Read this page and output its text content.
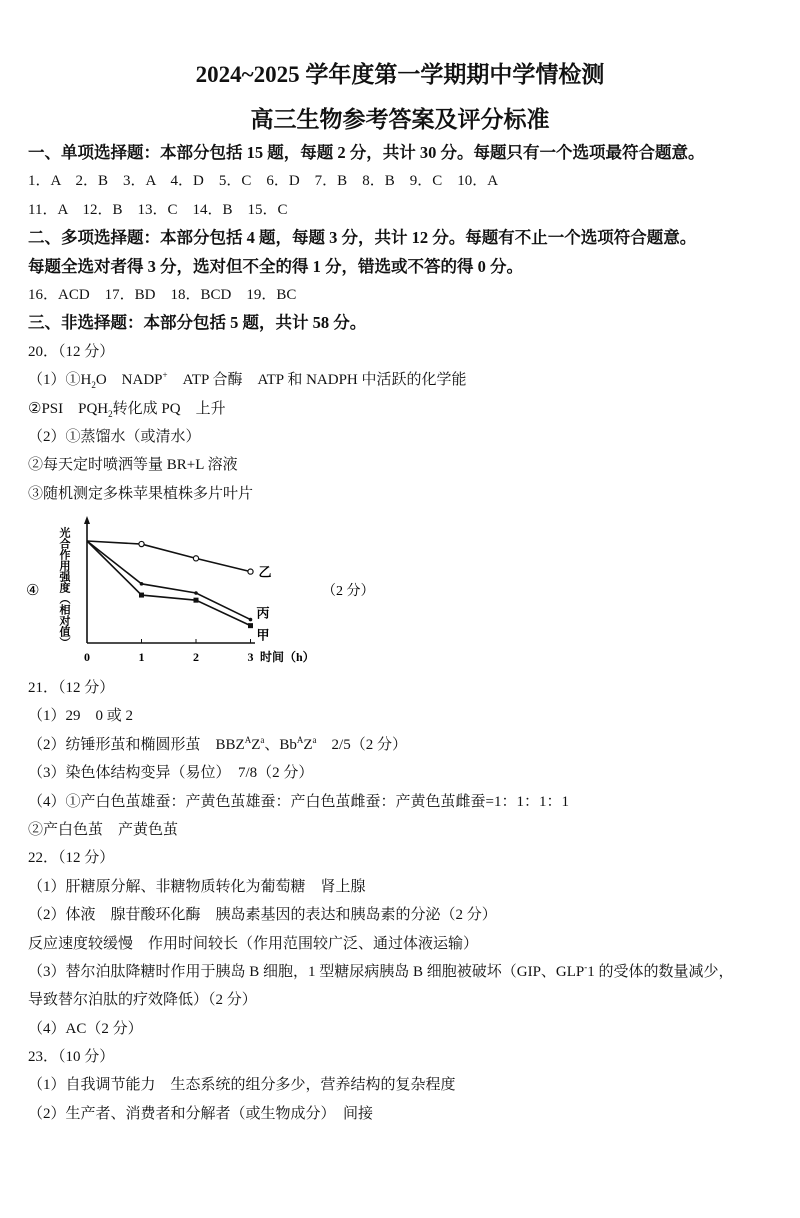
2024~2025 学年度第一学期期中学情检测
高三生物参考答案及评分标准
一、单项选择题：本部分包括 15 题，每题 2 分，共计 30 分。每题只有一个选项最符合题意。
1．A　2．B　3．A　4．D　5．C　6．D　7．B　8．B　9．C　10．A
11．A　12．B　13．C　14．B　15．C
二、多项选择题：本部分包括 4 题，每题 3 分，共计 12 分。每题有不止一个选项符合题意。
每题全选对者得 3 分，选对但不全的得 1 分，错选或不答的得 0 分。
16．ACD　17．BD　18．BCD　19．BC
三、非选择题：本部分包括 5 题，共计 58 分。
20．（12 分）
$(1)①H_2O$　NADP+　ATP 合酶　ATP 和 NADPH 中活跃的化学能
②PSI　$PQH_2$转化成 PQ　上升
（2）①蒸馏水（或清水）
②每天定时喷洒等量 BR+L 溶液
③随机测定多株苹果植株多片叶片
④ 光合作用强度（相对值）
0	1	2	3
乙
丙
甲
时间（h）
（2 分）
21．（12 分）
（1）29　0 或 2
（2）纺锤形茧和椭圆形茧　$BBZ^AZ^a$、$Bb^AZ^a$　2/5（2 分）
（3）染色体结构变异（易位）　7/8（2 分）
（4）①产白色茧雄蚕：产黄色茧雄蚕：产白色茧雌蚕：产黄色茧雌蚕=1：1：1：1
②产白色茧　产黄色茧
22．（12 分）
（1）肝糖原分解、非糖物质转化为葡萄糖　肾上腺
（2）体液　腺苷酸环化酶　胰岛素基因的表达和胰岛素的分泌（2 分）
反应速度较缓慢　作用时间较长（作用范围较广泛、通过体液运输）
（3）替尔泊肽降糖时作用于胰岛 B 细胞，1 型糖尿病胰岛 B 细胞被破坏（GIP、GLP-1 的受体的数量减少，
导致替尔泊肽的疗效降低）（2 分）
（4）AC（2 分）
23．（10 分）
（1）自我调节能力　生态系统的组分多少，营养结构的复杂程度
（2）生产者、消费者和分解者（或生物成分）　间接
